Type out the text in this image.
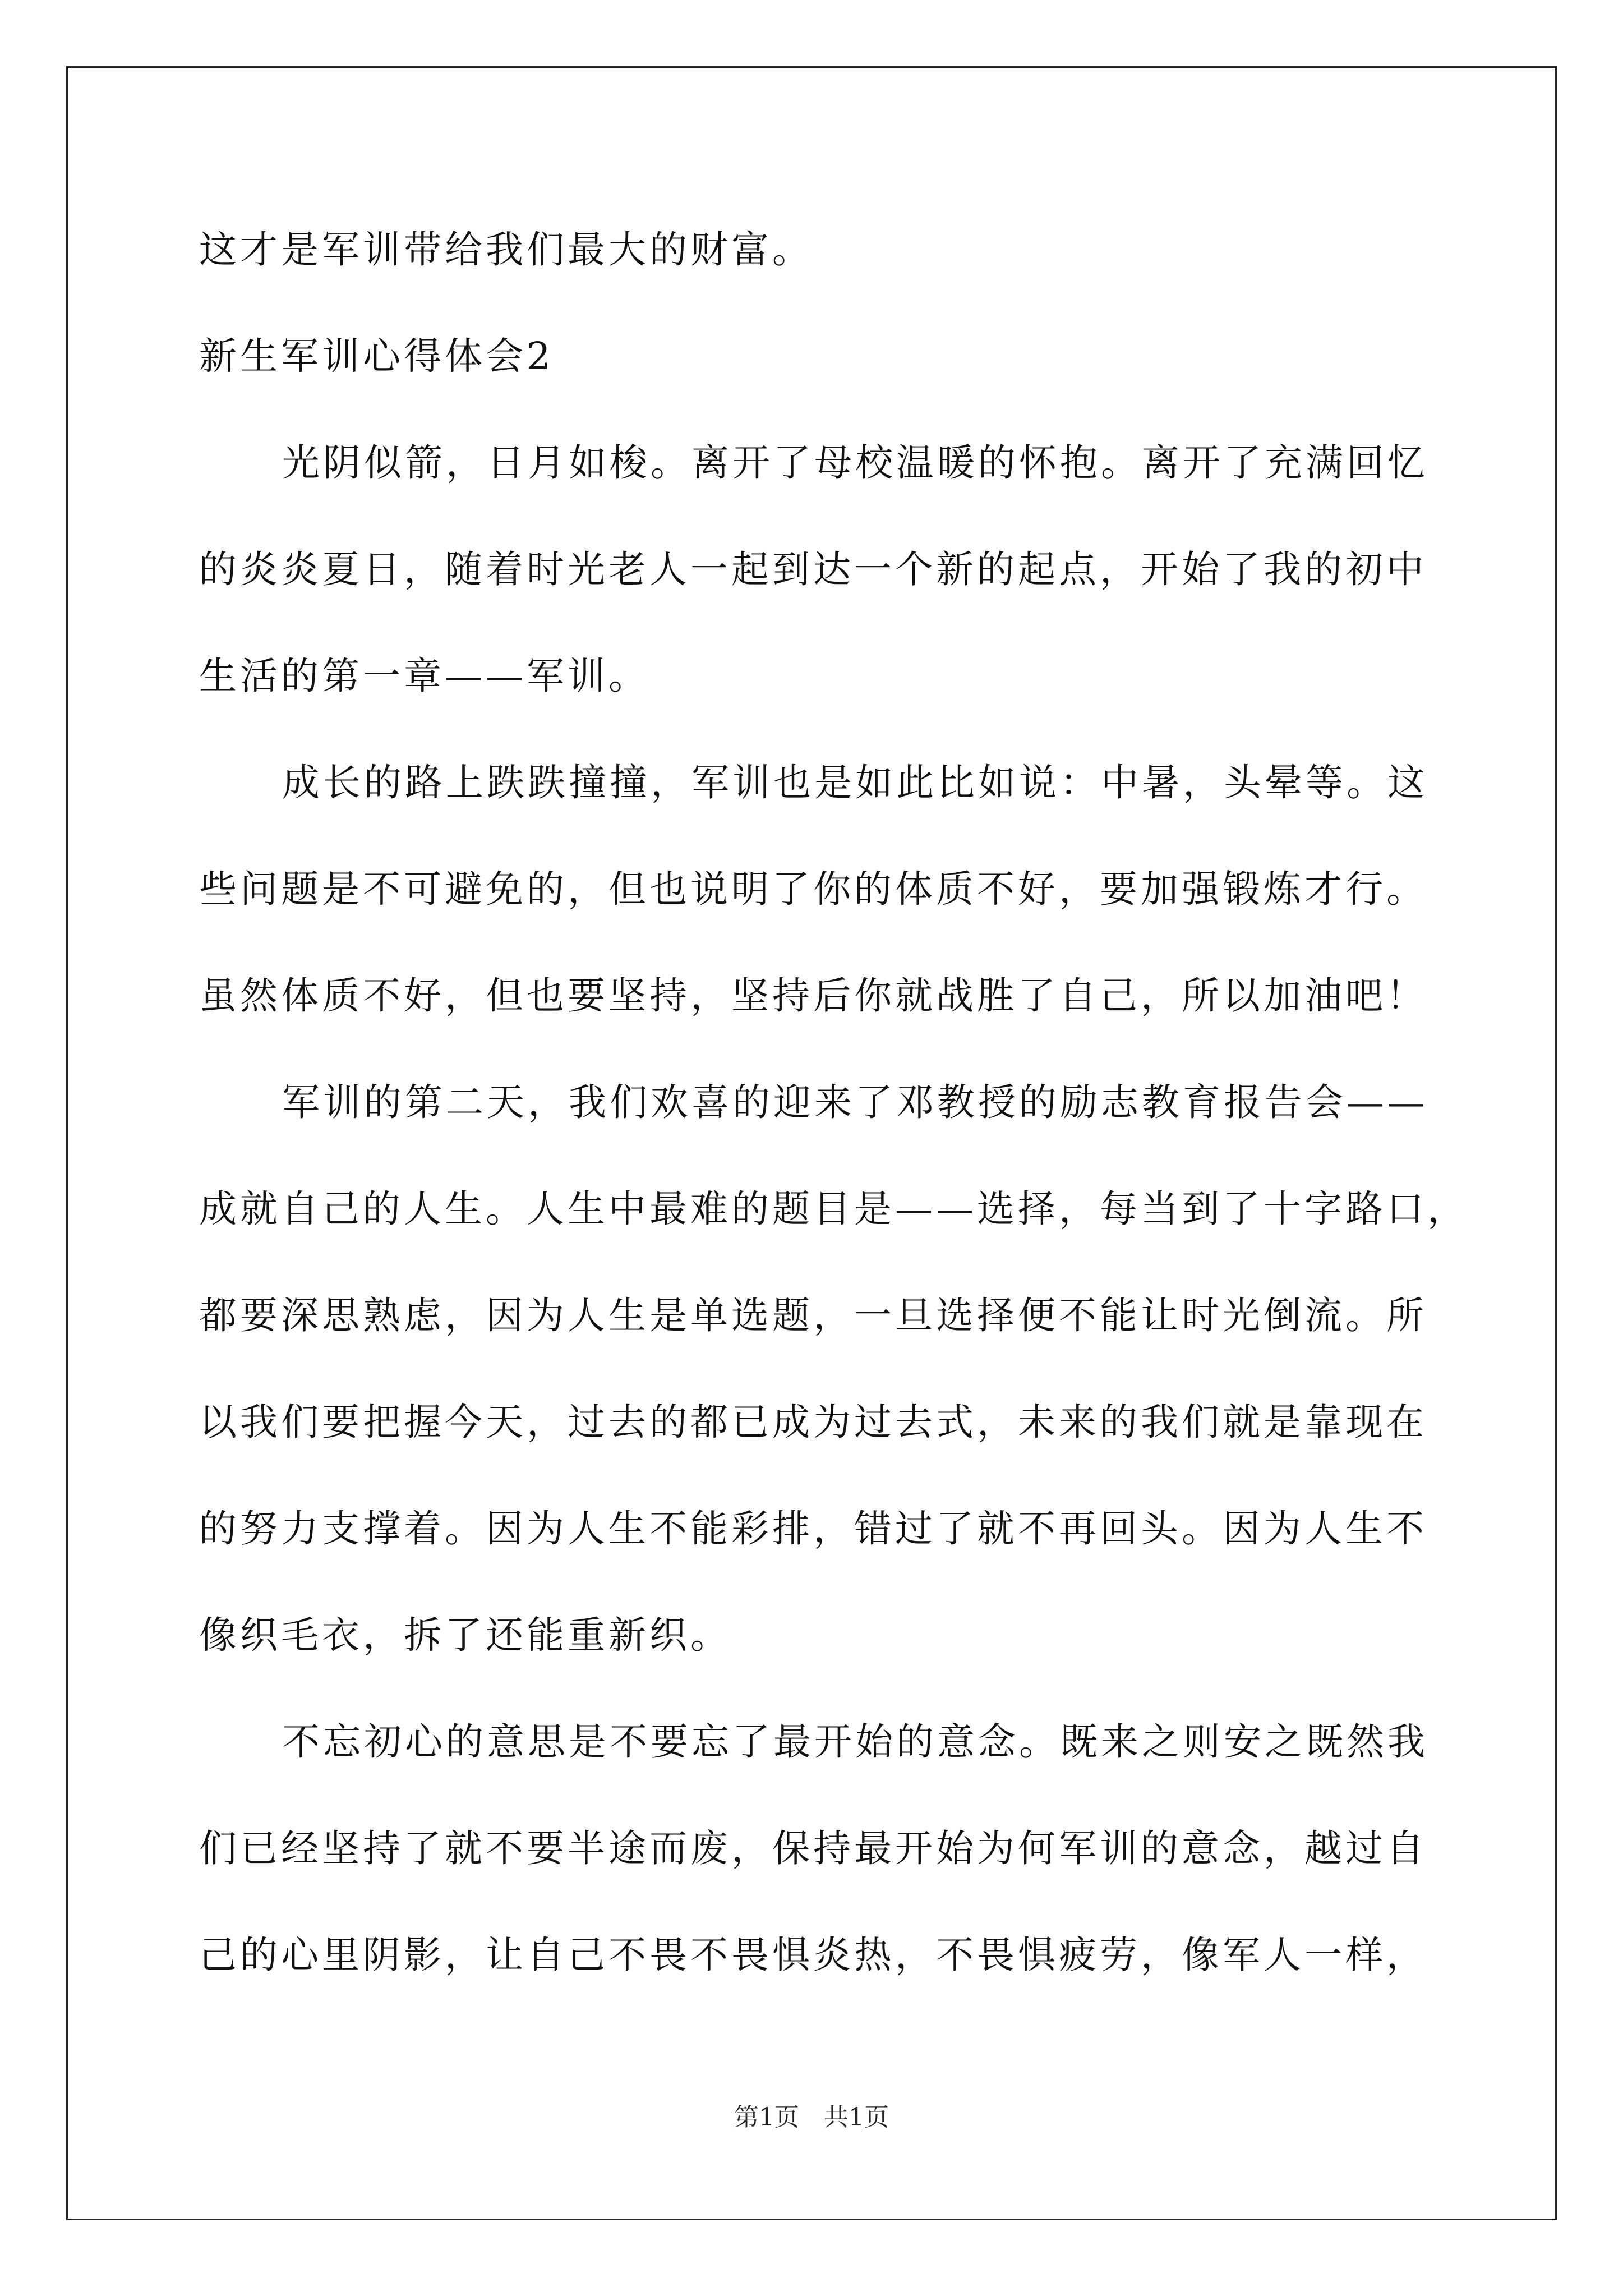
这才是军训带给我们最大的财富。
新生军训心得体会2
光阴似箭，日月如梭。离开了母校温暖的怀抱。离开了充满回忆
的炎炎夏日，随着时光老人一起到达一个新的起点，开始了我的初中
生活的第一章——军训。
成长的路上跌跌撞撞，军训也是如此比如说：中暑，头晕等。这
些问题是不可避免的，但也说明了你的体质不好，要加强锻炼才行。
虽然体质不好，但也要坚持，坚持后你就战胜了自己，所以加油吧！
军训的第二天，我们欢喜的迎来了邓教授的励志教育报告会——
成就自己的人生。人生中最难的题目是——选择，每当到了十字路口，
都要深思熟虑，因为人生是单选题，一旦选择便不能让时光倒流。所
以我们要把握今天，过去的都已成为过去式，未来的我们就是靠现在
的努力支撑着。因为人生不能彩排，错过了就不再回头。因为人生不
像织毛衣，拆了还能重新织。
不忘初心的意思是不要忘了最开始的意念。既来之则安之既然我
们已经坚持了就不要半途而废，保持最开始为何军训的意念，越过自
己的心里阴影，让自己不畏不畏惧炎热，不畏惧疲劳，像军人一样，
第1页　共1页
